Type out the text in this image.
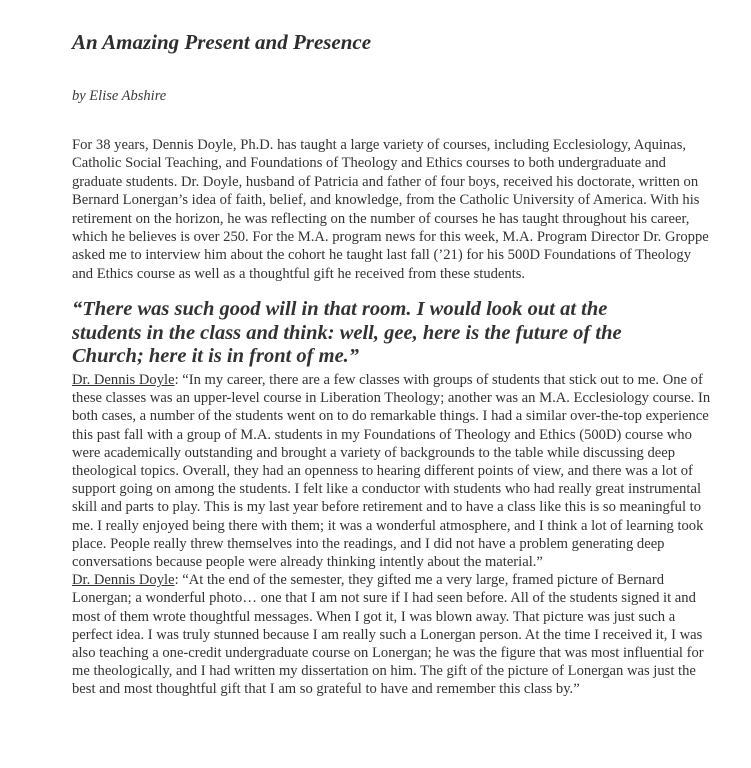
An Amazing Present and Presence

by Elise Abshire

For 38 years, Dennis Doyle, Ph.D. has taught a large variety of courses, including Ecclesiology, Aquinas, Catholic Social Teaching, and Foundations of Theology and Ethics courses to both undergraduate and graduate students. Dr. Doyle, husband of Patricia and father of four boys, received his doctorate, written on Bernard Lonergan’s idea of faith, belief, and knowledge, from the Catholic University of America. With his retirement on the horizon, he was reflecting on the number of courses he has taught throughout his career, which he believes is over 250. For the M.A. program news for this week, M.A. Program Director Dr. Groppe asked me to interview him about the cohort he taught last fall (’21) for his 500D Foundations of Theology and Ethics course as well as a thoughtful gift he received from these students.

“There was such good will in that room. I would look out at the students in the class and think: well, gee, here is the future of the Church; here it is in front of me.”

Dr. Dennis Doyle: “In my career, there are a few classes with groups of students that stick out to me. One of these classes was an upper-level course in Liberation Theology; another was an M.A. Ecclesiology course. In both cases, a number of the students went on to do remarkable things. I had a similar over-the-top experience this past fall with a group of M.A. students in my Foundations of Theology and Ethics (500D) course who were academically outstanding and brought a variety of backgrounds to the table while discussing deep theological topics. Overall, they had an openness to hearing different points of view, and there was a lot of support going on among the students. I felt like a conductor with students who had really great instrumental skill and parts to play. This is my last year before retirement and to have a class like this is so meaningful to me. I really enjoyed being there with them; it was a wonderful atmosphere, and I think a lot of learning took place. People really threw themselves into the readings, and I did not have a problem generating deep conversations because people were already thinking intently about the material.”

Dr. Dennis Doyle: “At the end of the semester, they gifted me a very large, framed picture of Bernard Lonergan; a wonderful photo… one that I am not sure if I had seen before. All of the students signed it and most of them wrote thoughtful messages. When I got it, I was blown away. That picture was just such a perfect idea. I was truly stunned because I am really such a Lonergan person. At the time I received it, I was also teaching a one-credit undergraduate course on Lonergan; he was the figure that was most influential for me theologically, and I had written my dissertation on him. The gift of the picture of Lonergan was just the best and most thoughtful gift that I am so grateful to have and remember this class by.”
